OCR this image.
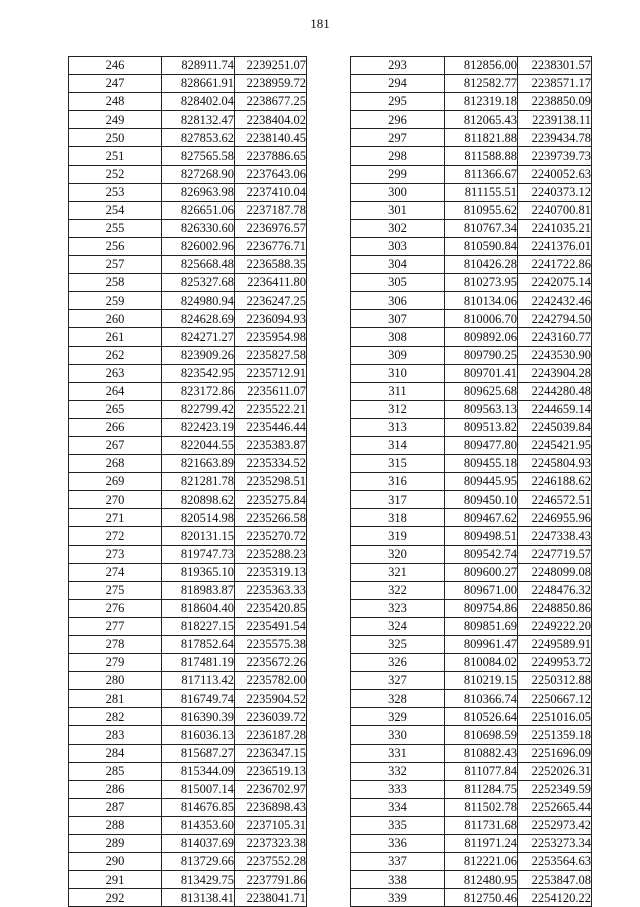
181
246	828911.74	2239251.07
247	828661.91	2238959.72
248	828402.04	2238677.25
249	828132.47	2238404.02
250	827853.62	2238140.45
251	827565.58	2237886.65
252	827268.90	2237643.06
253	826963.98	2237410.04
254	826651.06	2237187.78
255	826330.60	2236976.57
256	826002.96	2236776.71
257	825668.48	2236588.35
258	825327.68	2236411.80
259	824980.94	2236247.25
260	824628.69	2236094.93
261	824271.27	2235954.98
262	823909.26	2235827.58
263	823542.95	2235712.91
264	823172.86	2235611.07
265	822799.42	2235522.21
266	822423.19	2235446.44
267	822044.55	2235383.87
268	821663.89	2235334.52
269	821281.78	2235298.51
270	820898.62	2235275.84
271	820514.98	2235266.58
272	820131.15	2235270.72
273	819747.73	2235288.23
274	819365.10	2235319.13
275	818983.87	2235363.33
276	818604.40	2235420.85
277	818227.15	2235491.54
278	817852.64	2235575.38
279	817481.19	2235672.26
280	817113.42	2235782.00
281	816749.74	2235904.52
282	816390.39	2236039.72
283	816036.13	2236187.28
284	815687.27	2236347.15
285	815344.09	2236519.13
286	815007.14	2236702.97
287	814676.85	2236898.43
288	814353.60	2237105.31
289	814037.69	2237323.38
290	813729.66	2237552.28
291	813429.75	2237791.86
292	813138.41	2238041.71
293	812856.00	2238301.57
294	812582.77	2238571.17
295	812319.18	2238850.09
296	812065.43	2239138.11
297	811821.88	2239434.78
298	811588.88	2239739.73
299	811366.67	2240052.63
300	811155.51	2240373.12
301	810955.62	2240700.81
302	810767.34	2241035.21
303	810590.84	2241376.01
304	810426.28	2241722.86
305	810273.95	2242075.14
306	810134.06	2242432.46
307	810006.70	2242794.50
308	809892.06	2243160.77
309	809790.25	2243530.90
310	809701.41	2243904.28
311	809625.68	2244280.48
312	809563.13	2244659.14
313	809513.82	2245039.84
314	809477.80	2245421.95
315	809455.18	2245804.93
316	809445.95	2246188.62
317	809450.10	2246572.51
318	809467.62	2246955.96
319	809498.51	2247338.43
320	809542.74	2247719.57
321	809600.27	2248099.08
322	809671.00	2248476.32
323	809754.86	2248850.86
324	809851.69	2249222.20
325	809961.47	2249589.91
326	810084.02	2249953.72
327	810219.15	2250312.88
328	810366.74	2250667.12
329	810526.64	2251016.05
330	810698.59	2251359.18
331	810882.43	2251696.09
332	811077.84	2252026.31
333	811284.75	2252349.59
334	811502.78	2252665.44
335	811731.68	2252973.42
336	811971.24	2253273.34
337	812221.06	2253564.63
338	812480.95	2253847.08
339	812750.46	2254120.22
